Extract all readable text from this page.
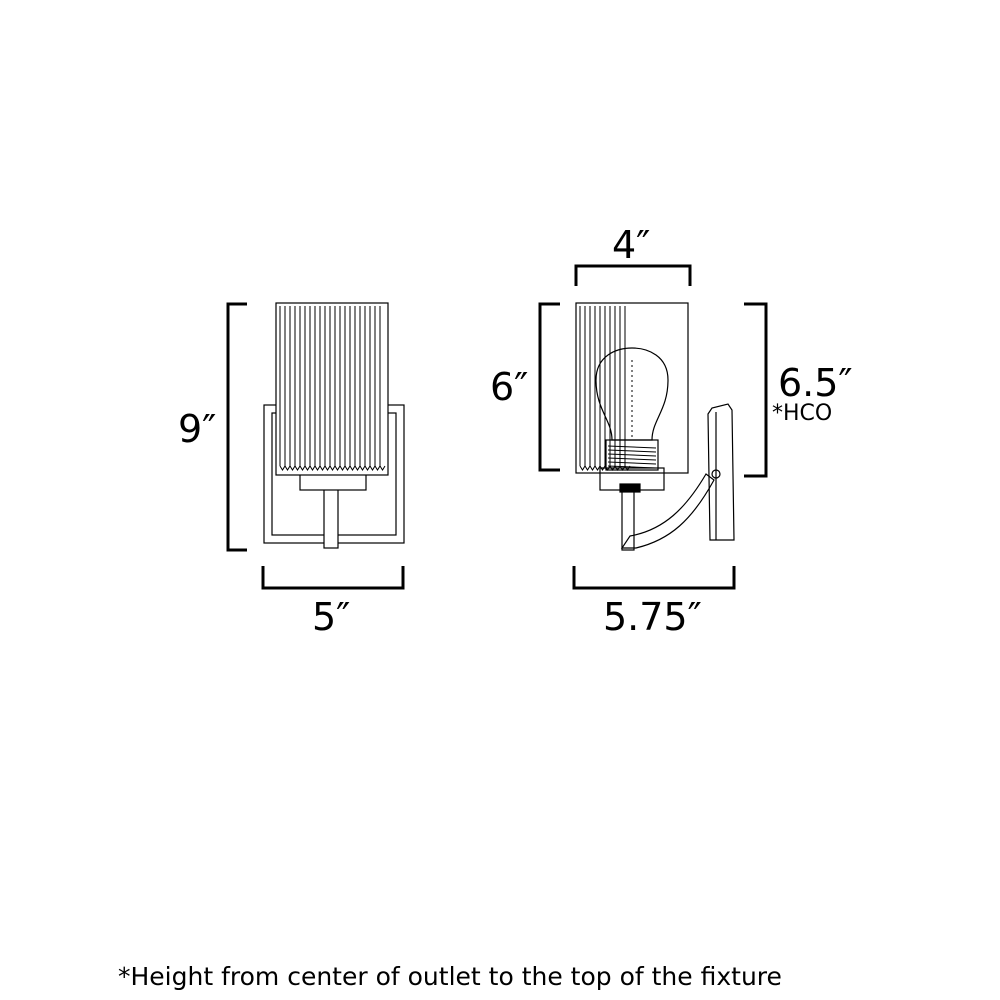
9″
5″
4″
6″	6.5″
*HCO
5.75″
*Height from center of outlet to the top of the fixture
